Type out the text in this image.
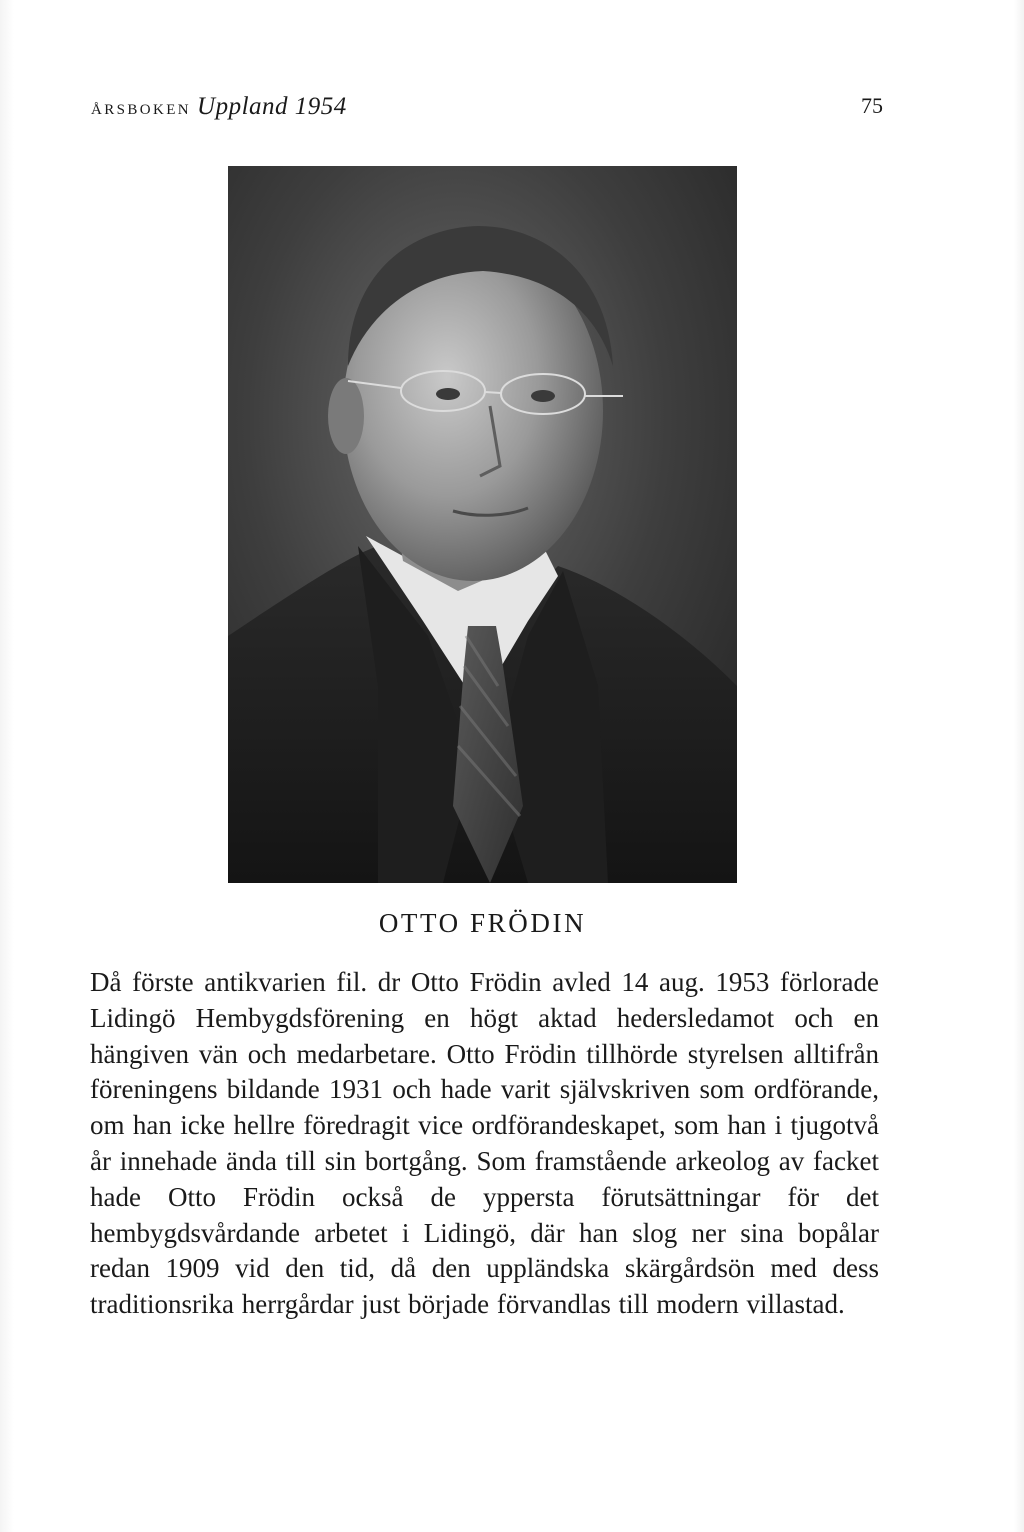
ÅRSBOKEN Uppland 1954	75
OTTO FRÖDIN
Då förste antikvarien fil. dr Otto Frödin avled 14 aug. 1953 förlorade Lidingö Hembygdsförening en högt aktad hedersledamot och en hängiven vän och medarbetare. Otto Frödin tillhörde styrelsen alltifrån föreningens bildande 1931 och hade varit självskriven som ordförande, om han icke hellre föredragit vice ordförandeskapet, som han i tjugotvå år innehade ända till sin bortgång. Som framstående arkeolog av facket hade Otto Frödin också de yppersta förutsättningar för det hembygdsvårdande arbetet i Lidingö, där han slog ner sina bopålar redan 1909 vid den tid, då den uppländska skärgårdsön med dess traditionsrika herrgårdar just började förvandlas till modern villastad.
